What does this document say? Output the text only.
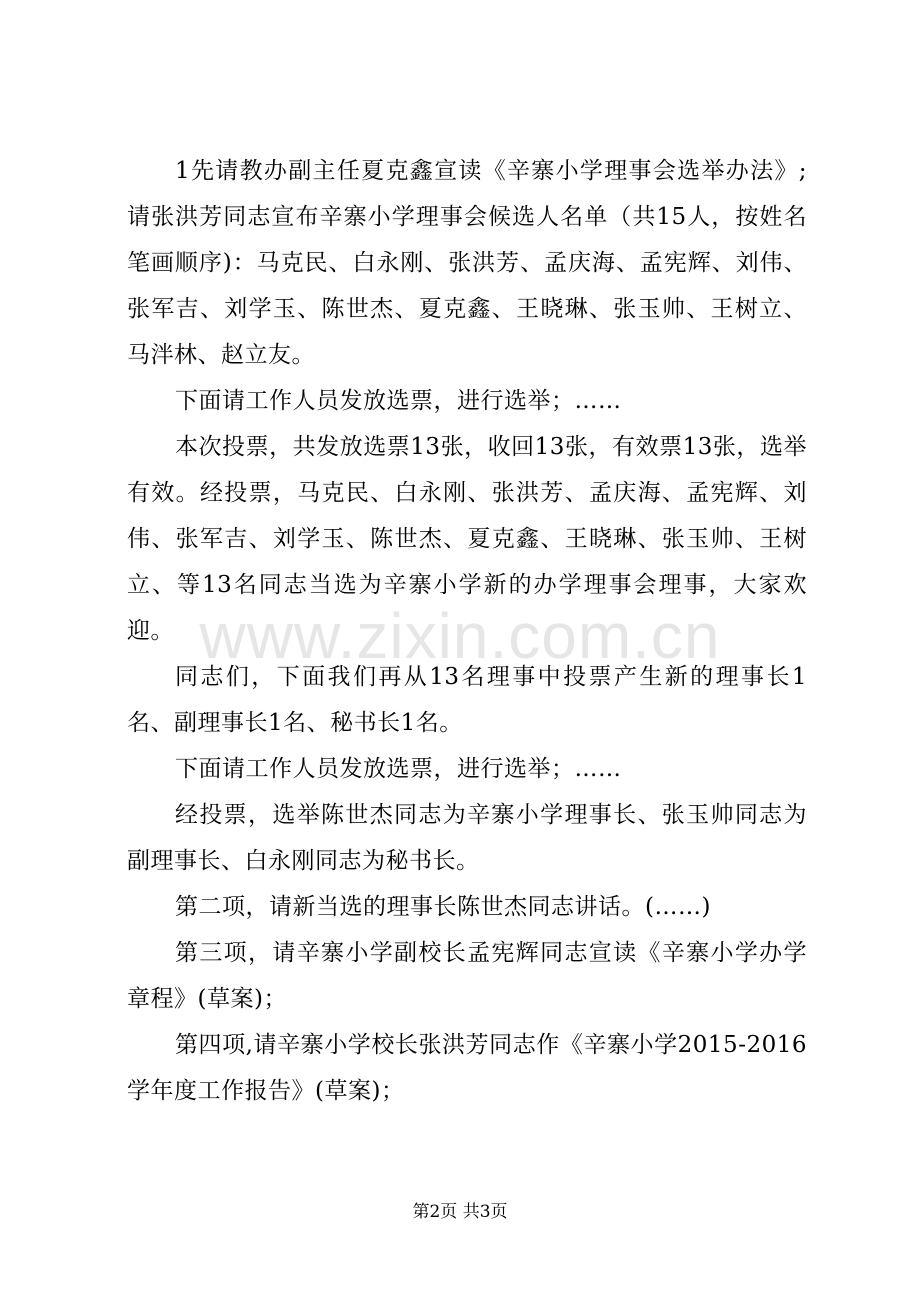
www.zixin.com.cn

1先请教办副主任夏克鑫宣读《辛寨小学理事会选举办法》;请张洪芳同志宣布辛寨小学理事会候选人名单（共15人，按姓名笔画顺序)：马克民、白永刚、张洪芳、孟庆海、孟宪辉、刘伟、张军吉、刘学玉、陈世杰、夏克鑫、王晓琳、张玉帅、王树立、马泮林、赵立友。

下面请工作人员发放选票，进行选举；……

本次投票，共发放选票13张，收回13张，有效票13张，选举有效。经投票，马克民、白永刚、张洪芳、孟庆海、孟宪辉、刘伟、张军吉、刘学玉、陈世杰、夏克鑫、王晓琳、张玉帅、王树立、等13名同志当选为辛寨小学新的办学理事会理事，大家欢迎。

同志们，下面我们再从13名理事中投票产生新的理事长1名、副理事长1名、秘书长1名。

下面请工作人员发放选票，进行选举；……

经投票，选举陈世杰同志为辛寨小学理事长、张玉帅同志为副理事长、白永刚同志为秘书长。

第二项，请新当选的理事长陈世杰同志讲话。(……)

第三项，请辛寨小学副校长孟宪辉同志宣读《辛寨小学办学章程》(草案)；

第四项,请辛寨小学校长张洪芳同志作《辛寨小学2015-2016学年度工作报告》(草案)；

第2页 共3页
